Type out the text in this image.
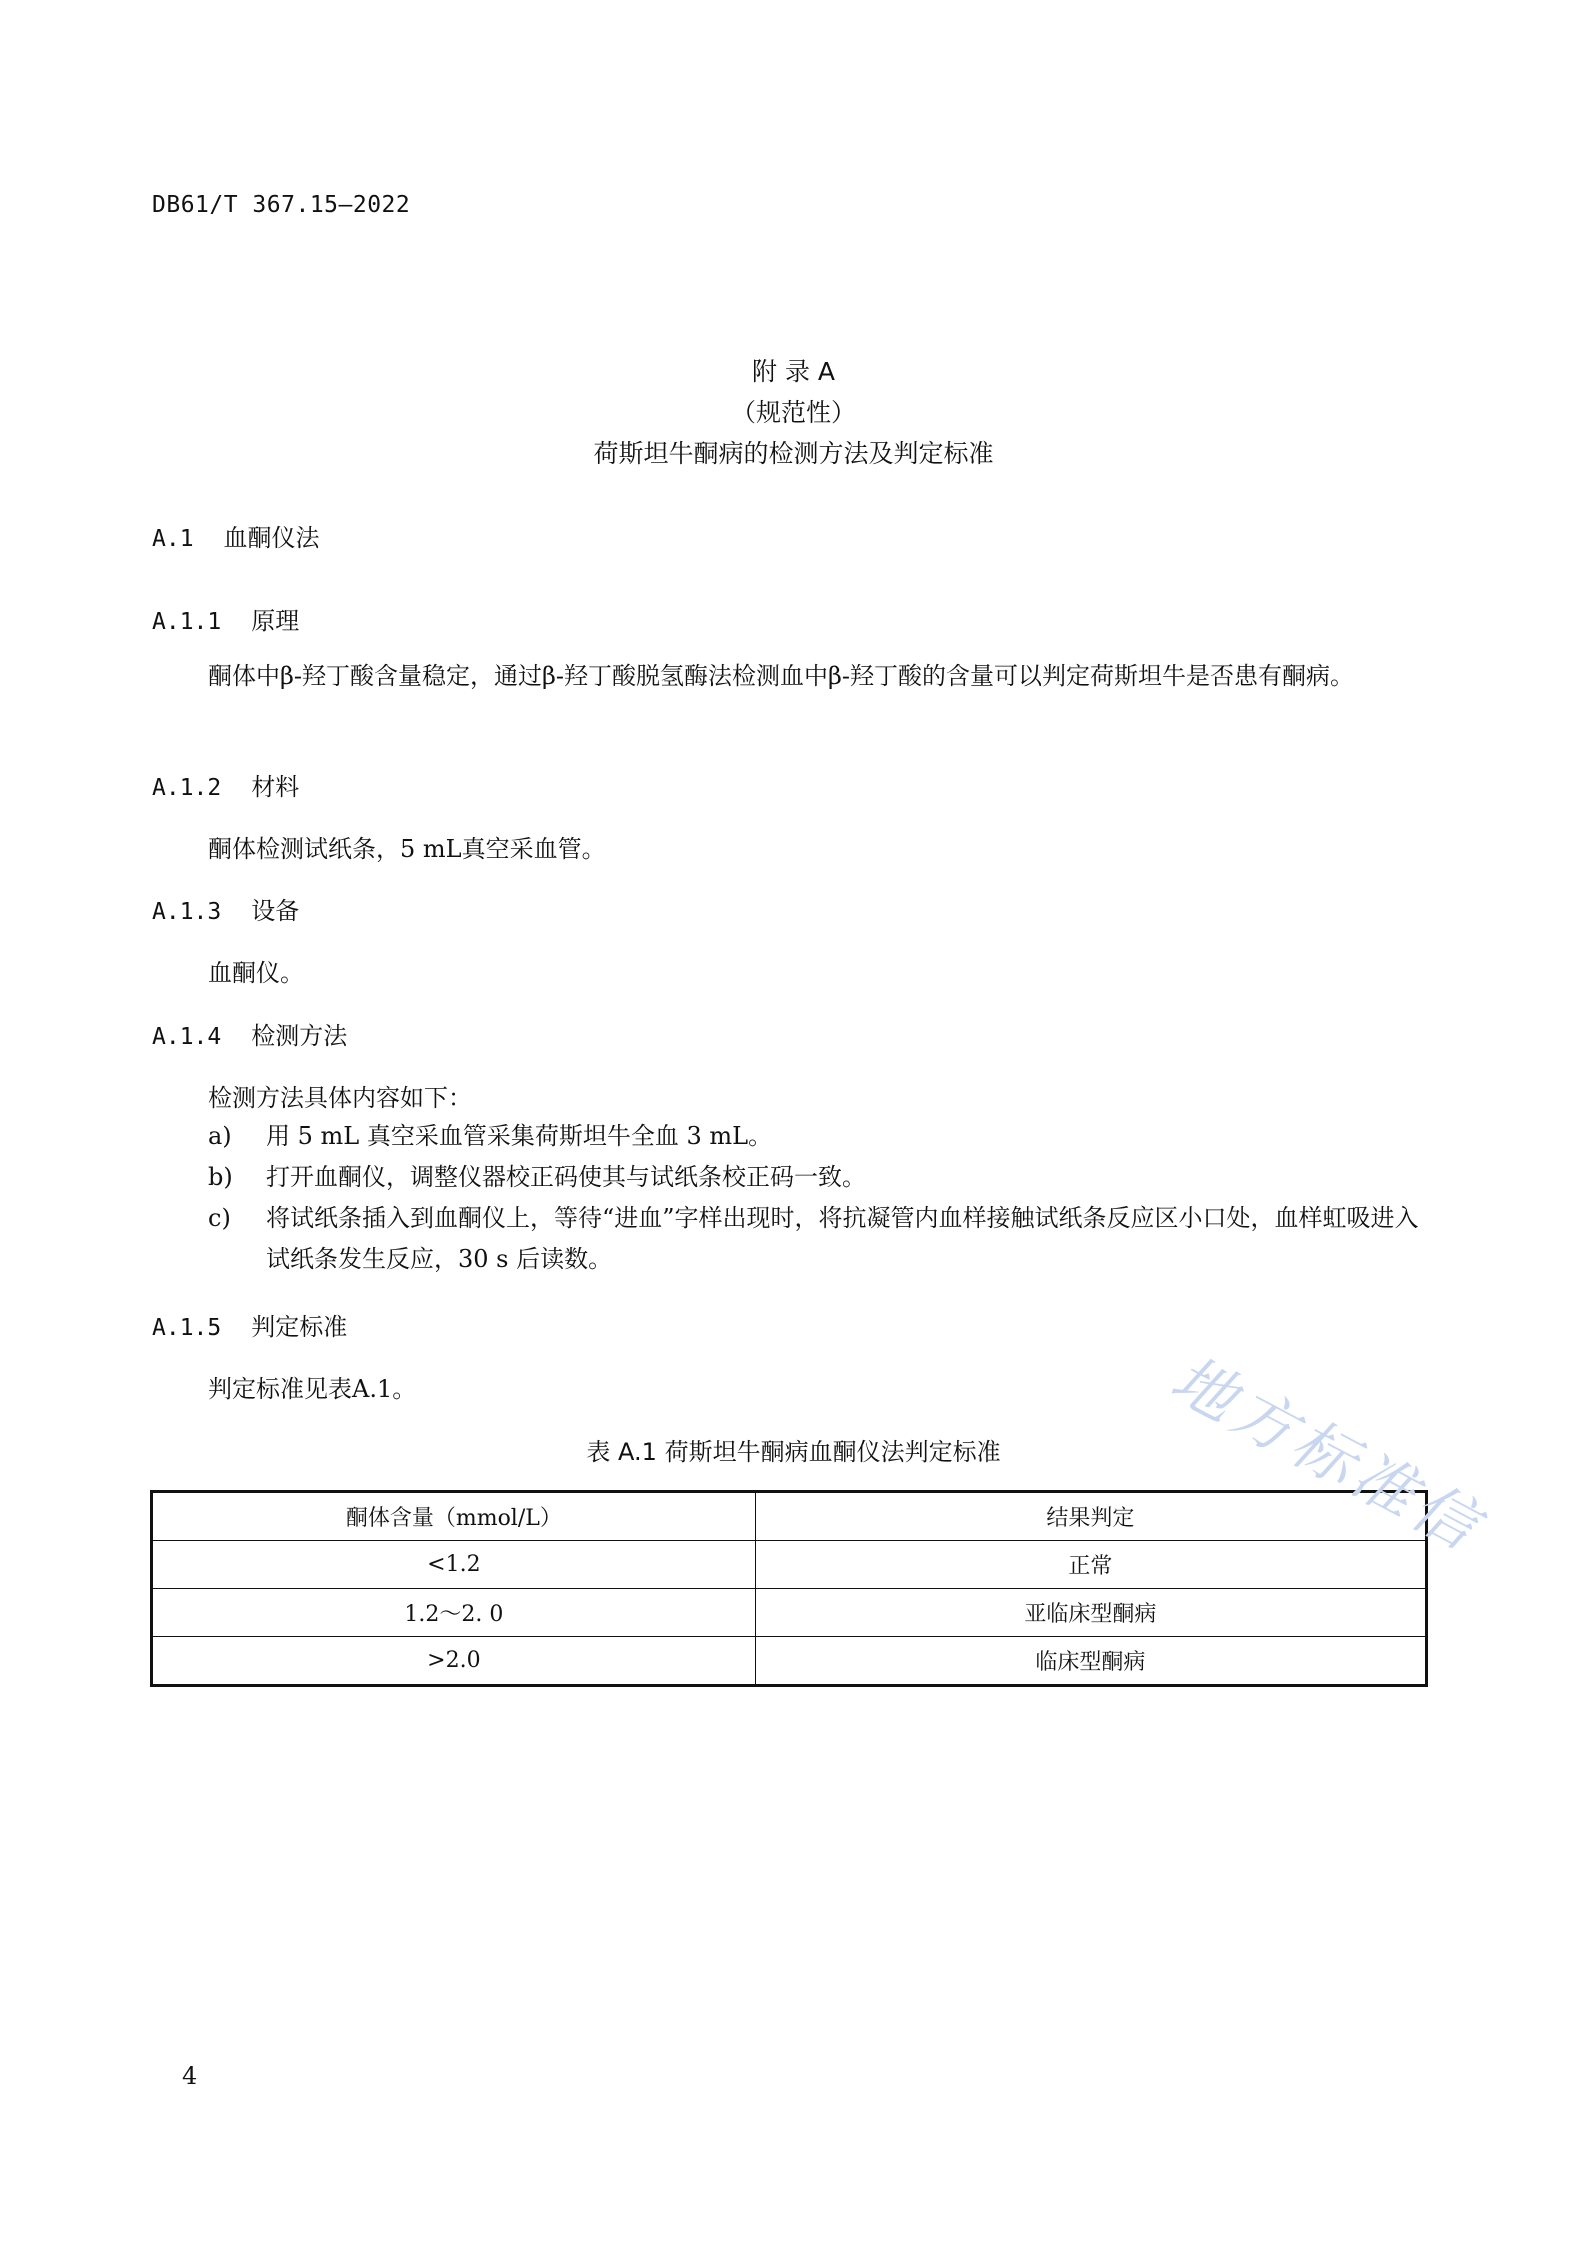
DB61/T 367.15—2022
附 录 A
（规范性）
荷斯坦牛酮病的检测方法及判定标准
A.1 血酮仪法
A.1.1 原理
酮体中β-羟丁酸含量稳定，通过β-羟丁酸脱氢酶法检测血中β-羟丁酸的含量可以判定荷斯坦牛是否患有酮病。
A.1.2 材料
酮体检测试纸条，5 mL真空采血管。
A.1.3 设备
血酮仪。
A.1.4 检测方法
检测方法具体内容如下：
a) 用 5 mL 真空采血管采集荷斯坦牛全血 3 mL。
b) 打开血酮仪，调整仪器校正码使其与试纸条校正码一致。
c) 将试纸条插入到血酮仪上，等待“进血”字样出现时，将抗凝管内血样接触试纸条反应区小口处，血样虹吸进入试纸条发生反应，30 s 后读数。
A.1.5 判定标准
判定标准见表A.1。
表 A.1 荷斯坦牛酮病血酮仪法判定标准
酮体含量（mmol/L）	结果判定
<1.2	正常
1.2～2. 0	亚临床型酮病
>2.0	临床型酮病
地方标准信
4
